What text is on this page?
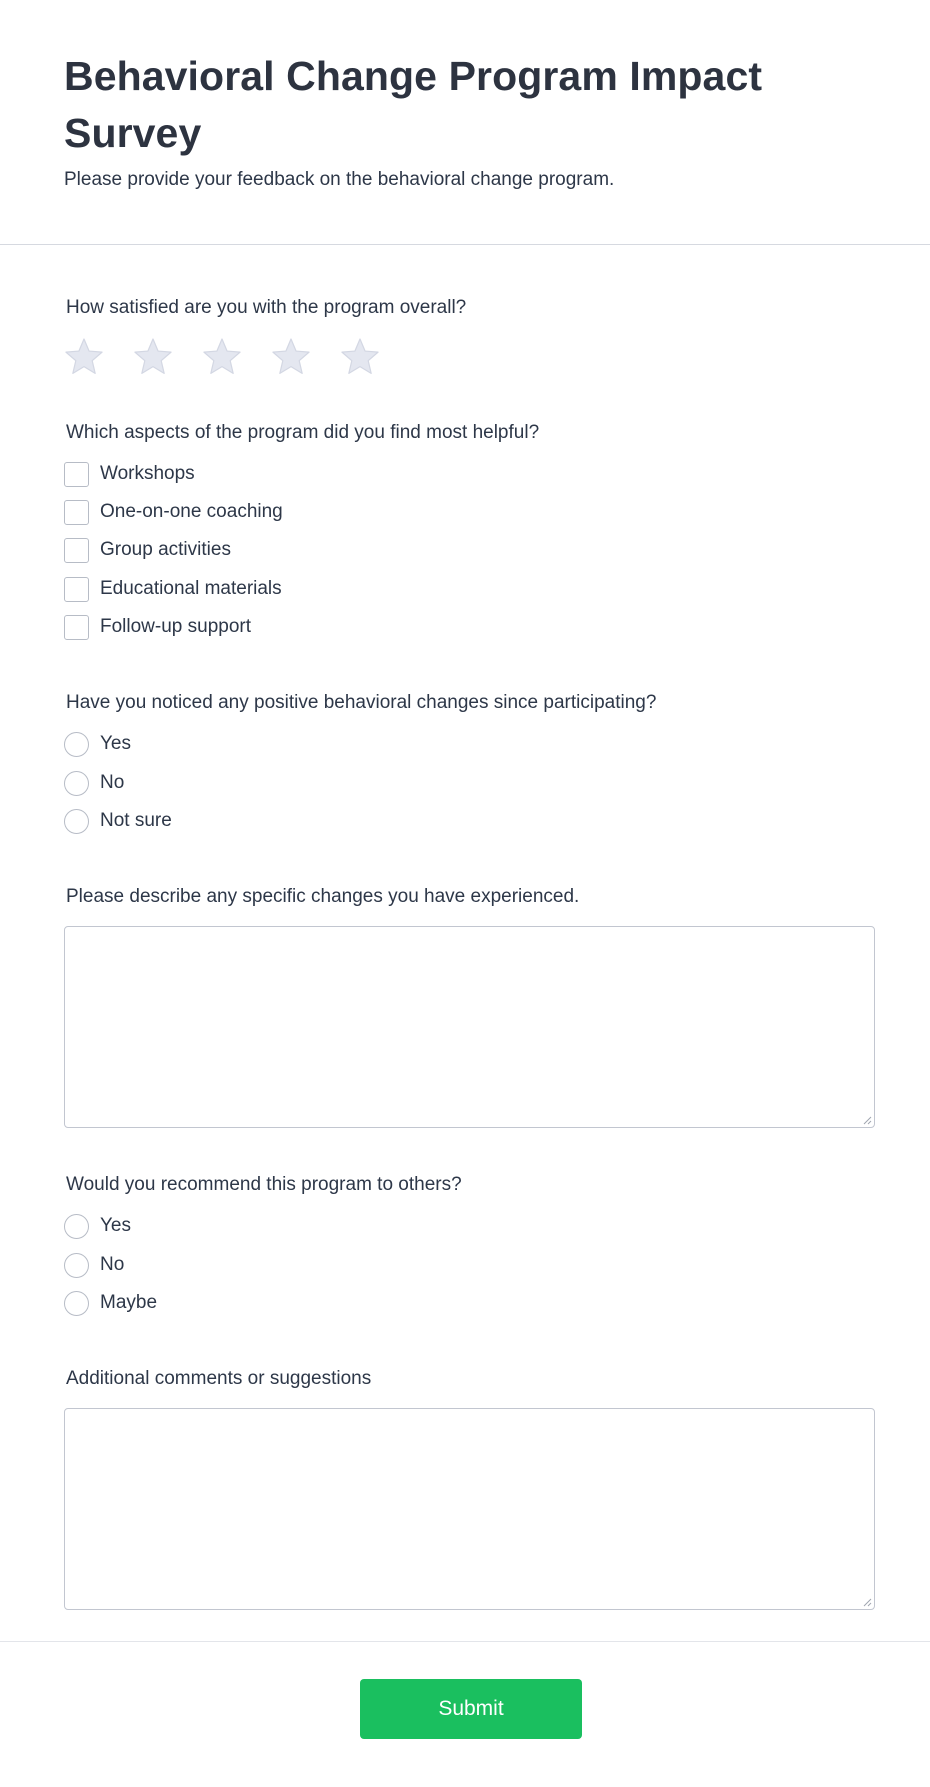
Behavioral Change Program Impact Survey
Please provide your feedback on the behavioral change program.
How satisfied are you with the program overall?
Which aspects of the program did you find most helpful?
Workshops
One-on-one coaching
Group activities
Educational materials
Follow-up support
Have you noticed any positive behavioral changes since participating?
Yes
No
Not sure
Please describe any specific changes you have experienced.
Would you recommend this program to others?
Yes
No
Maybe
Additional comments or suggestions
Submit
